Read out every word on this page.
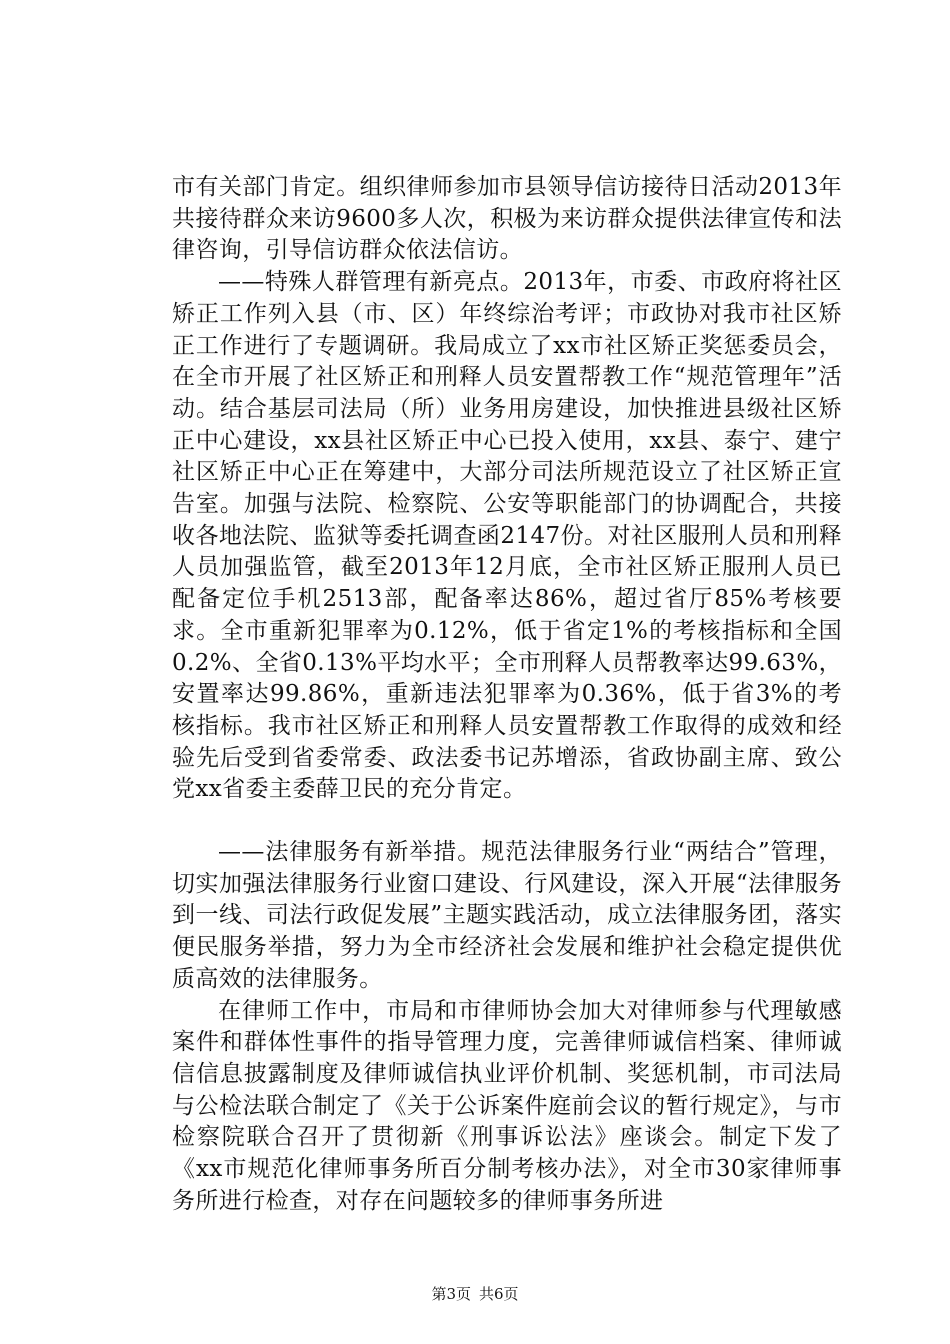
市有关部门肯定。组织律师参加市县领导信访接待日活动2013年共接待群众来访9600多人次，积极为来访群众提供法律宣传和法律咨询，引导信访群众依法信访。

——特殊人群管理有新亮点。2013年，市委、市政府将社区矫正工作列入县（市、区）年终综治考评；市政协对我市社区矫正工作进行了专题调研。我局成立了xx市社区矫正奖惩委员会，在全市开展了社区矫正和刑释人员安置帮教工作“规范管理年”活动。结合基层司法局（所）业务用房建设，加快推进县级社区矫正中心建设，xx县社区矫正中心已投入使用，xx县、泰宁、建宁社区矫正中心正在筹建中，大部分司法所规范设立了社区矫正宣告室。加强与法院、检察院、公安等职能部门的协调配合，共接收各地法院、监狱等委托调查函2147份。对社区服刑人员和刑释人员加强监管，截至2013年12月底，全市社区矫正服刑人员已配备定位手机2513部，配备率达86%，超过省厅85%考核要求。全市重新犯罪率为0.12%，低于省定1%的考核指标和全国0.2%、全省0.13%平均水平；全市刑释人员帮教率达99.63%，安置率达99.86%，重新违法犯罪率为0.36%，低于省3%的考核指标。我市社区矫正和刑释人员安置帮教工作取得的成效和经验先后受到省委常委、政法委书记苏增添，省政协副主席、致公党xx省委主委薛卫民的充分肯定。

——法律服务有新举措。规范法律服务行业“两结合”管理，切实加强法律服务行业窗口建设、行风建设，深入开展“法律服务到一线、司法行政促发展”主题实践活动，成立法律服务团，落实便民服务举措，努力为全市经济社会发展和维护社会稳定提供优质高效的法律服务。

在律师工作中，市局和市律师协会加大对律师参与代理敏感案件和群体性事件的指导管理力度，完善律师诚信档案、律师诚信信息披露制度及律师诚信执业评价机制、奖惩机制，市司法局与公检法联合制定了《关于公诉案件庭前会议的暂行规定》，与市检察院联合召开了贯彻新《刑事诉讼法》座谈会。制定下发了《xx市规范化律师事务所百分制考核办法》，对全市30家律师事务所进行检查，对存在问题较多的律师事务所进

第3页 共6页
